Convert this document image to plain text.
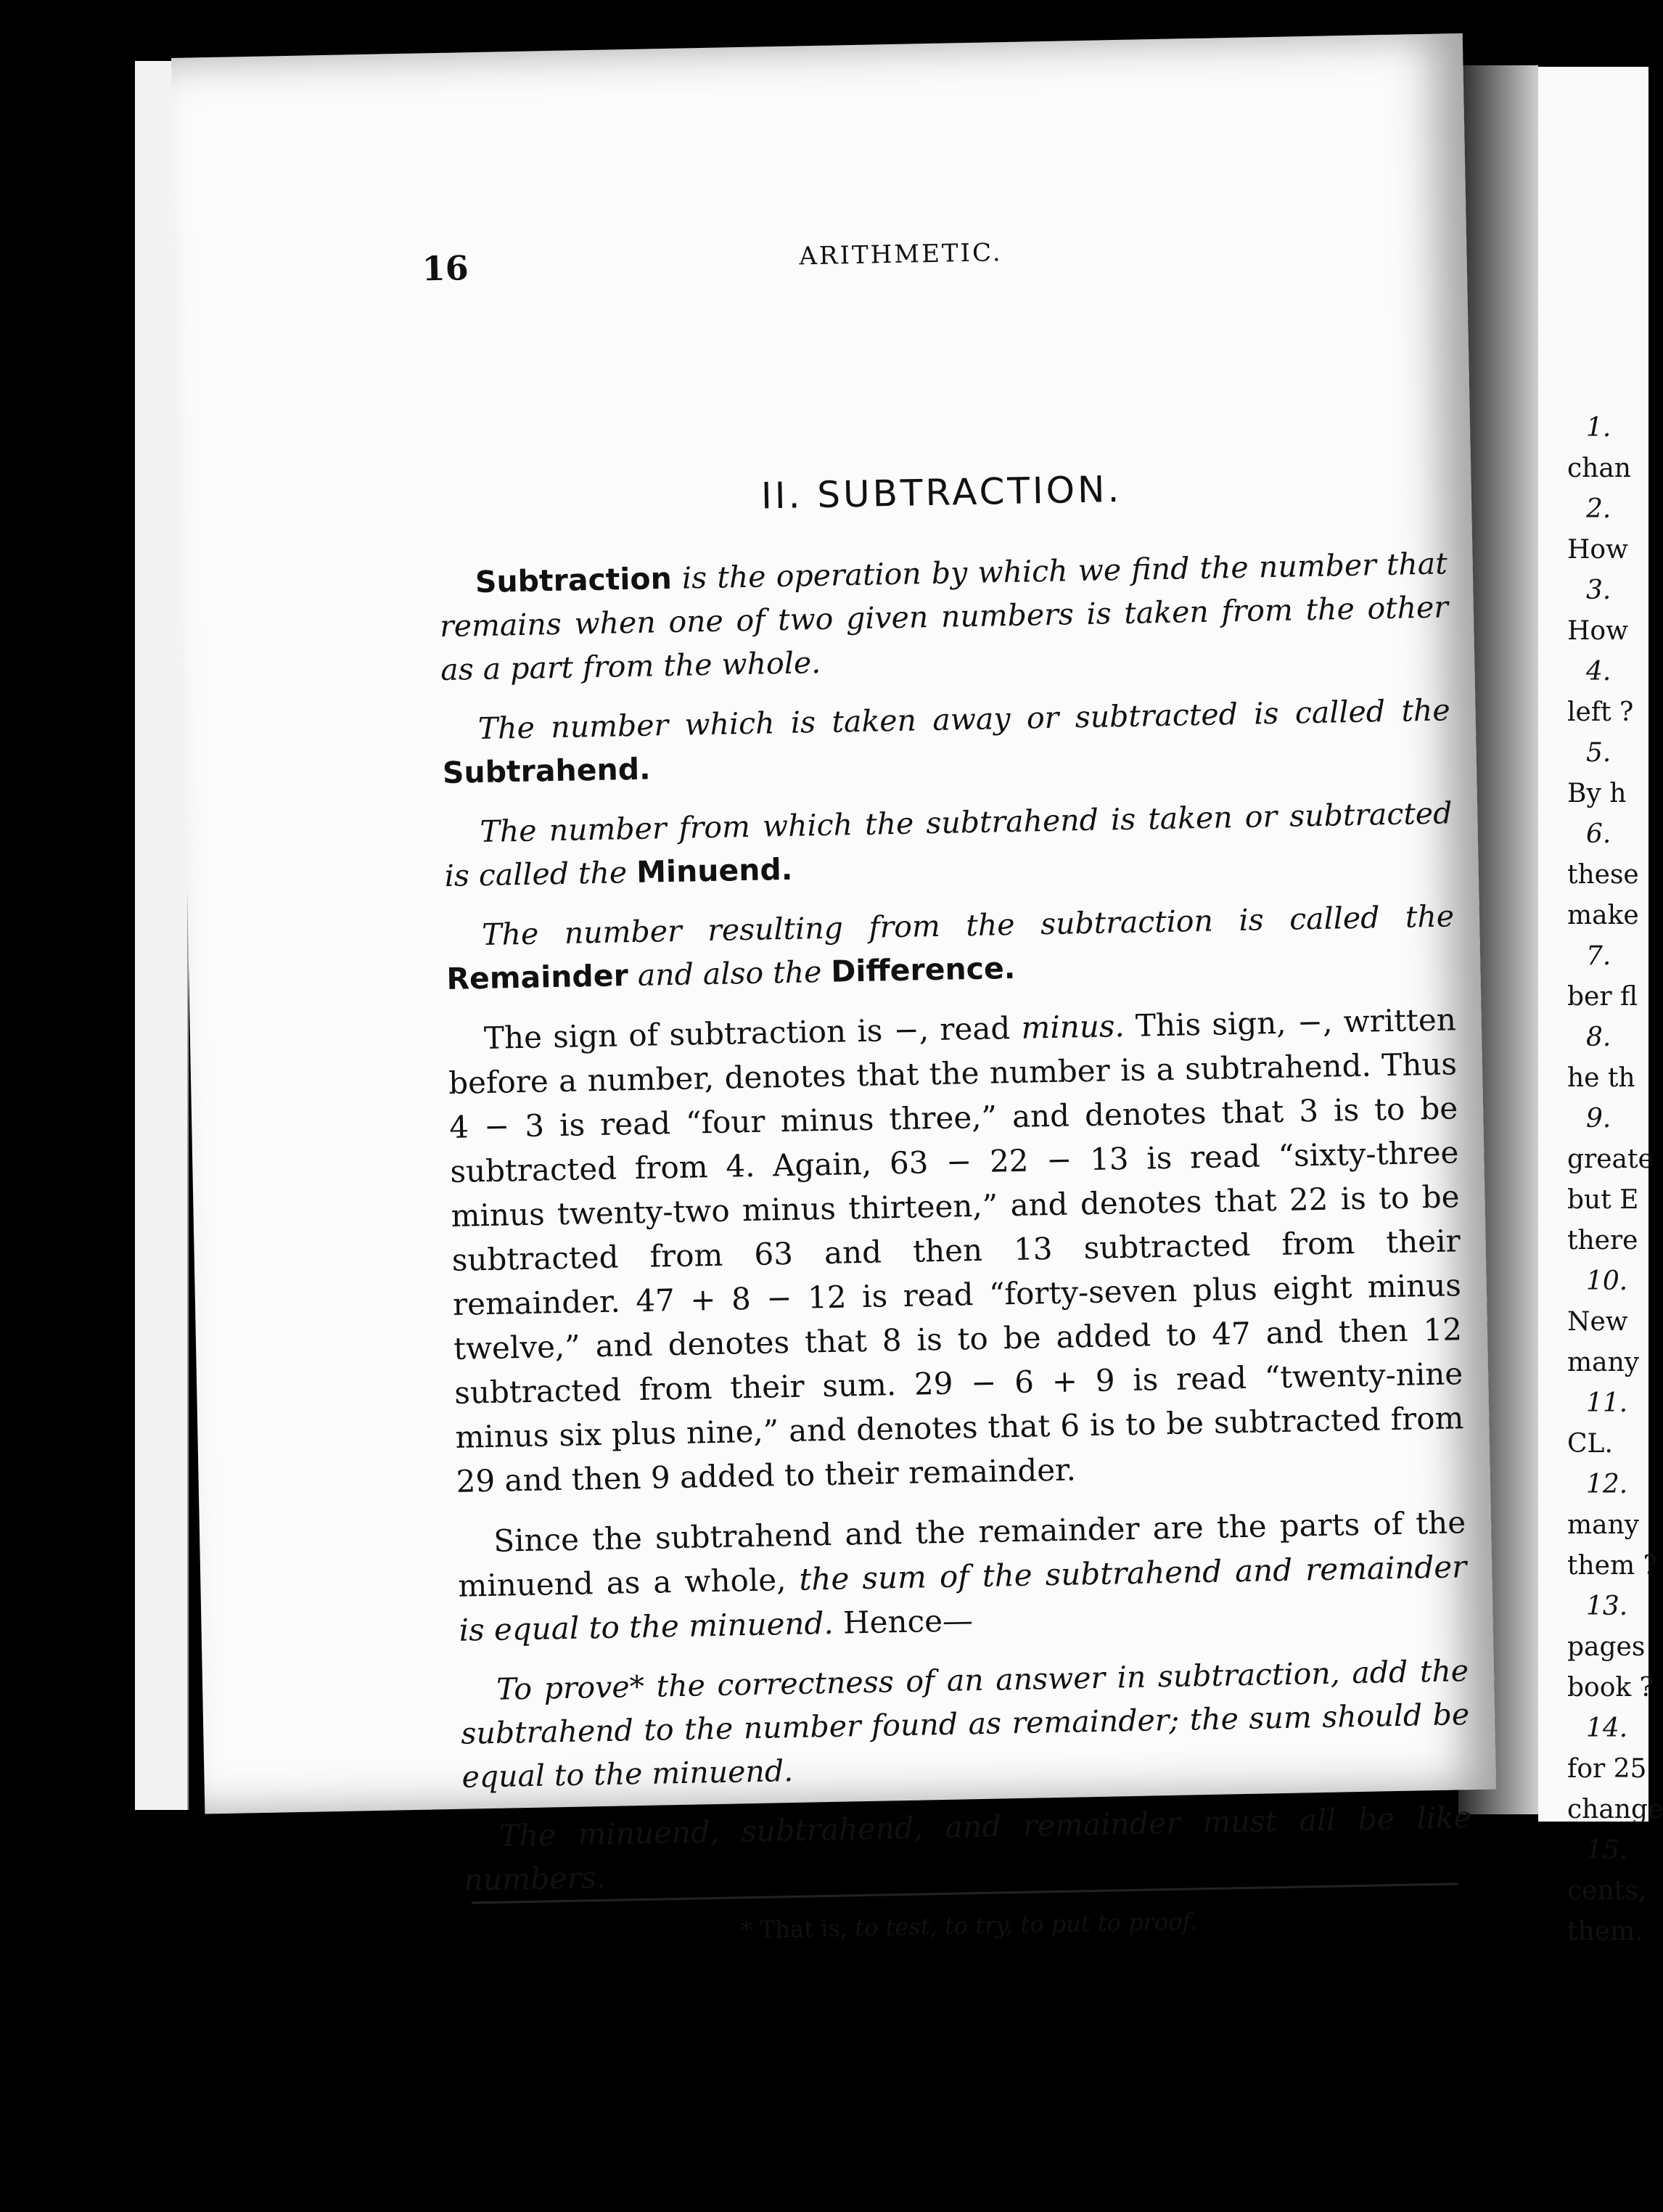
1.
chan
2.
How
3.
How
4.
left ?
5.
By h
6.
these
make
7.
ber fl
8.
he th
9.
greate
but E
there
10.
New
many
11.
CL.
12.
many
them ?
13.
pages
book ?
14.
for 25
change
15.
cents,
them.
16	ARITHMETIC.
II. SUBTRACTION.

Subtraction is the operation by which we find the number that remains when one of two given numbers is taken from the other as a part from the whole.

The number which is taken away or subtracted is called the Subtrahend.

The number from which the subtrahend is taken or subtracted is called the Minuend.

The number resulting from the subtraction is called the Remainder and also the Difference.

The sign of subtraction is −, read minus. This sign, −, written before a number, denotes that the number is a subtrahend. Thus 4 − 3 is read “four minus three,” and denotes that 3 is to be subtracted from 4. Again, 63 − 22 − 13 is read “sixty-three minus twenty-two minus thirteen,” and denotes that 22 is to be subtracted from 63 and then 13 subtracted from their remainder. 47 + 8 − 12 is read “forty-seven plus eight minus twelve,” and denotes that 8 is to be added to 47 and then 12 subtracted from their sum. 29 − 6 + 9 is read “twenty-nine minus six plus nine,” and denotes that 6 is to be subtracted from 29 and then 9 added to their remainder.

Since the subtrahend and the remainder are the parts of the minuend as a whole, the sum of the subtrahend and remainder is equal to the minuend. Hence—

To prove* the correctness of an answer in subtraction, add the subtrahend to the number found as remainder; the sum should be equal to the minuend.

The minuend, subtrahend, and remainder must all be like numbers.

* That is, to test, to try, to put to proof.
